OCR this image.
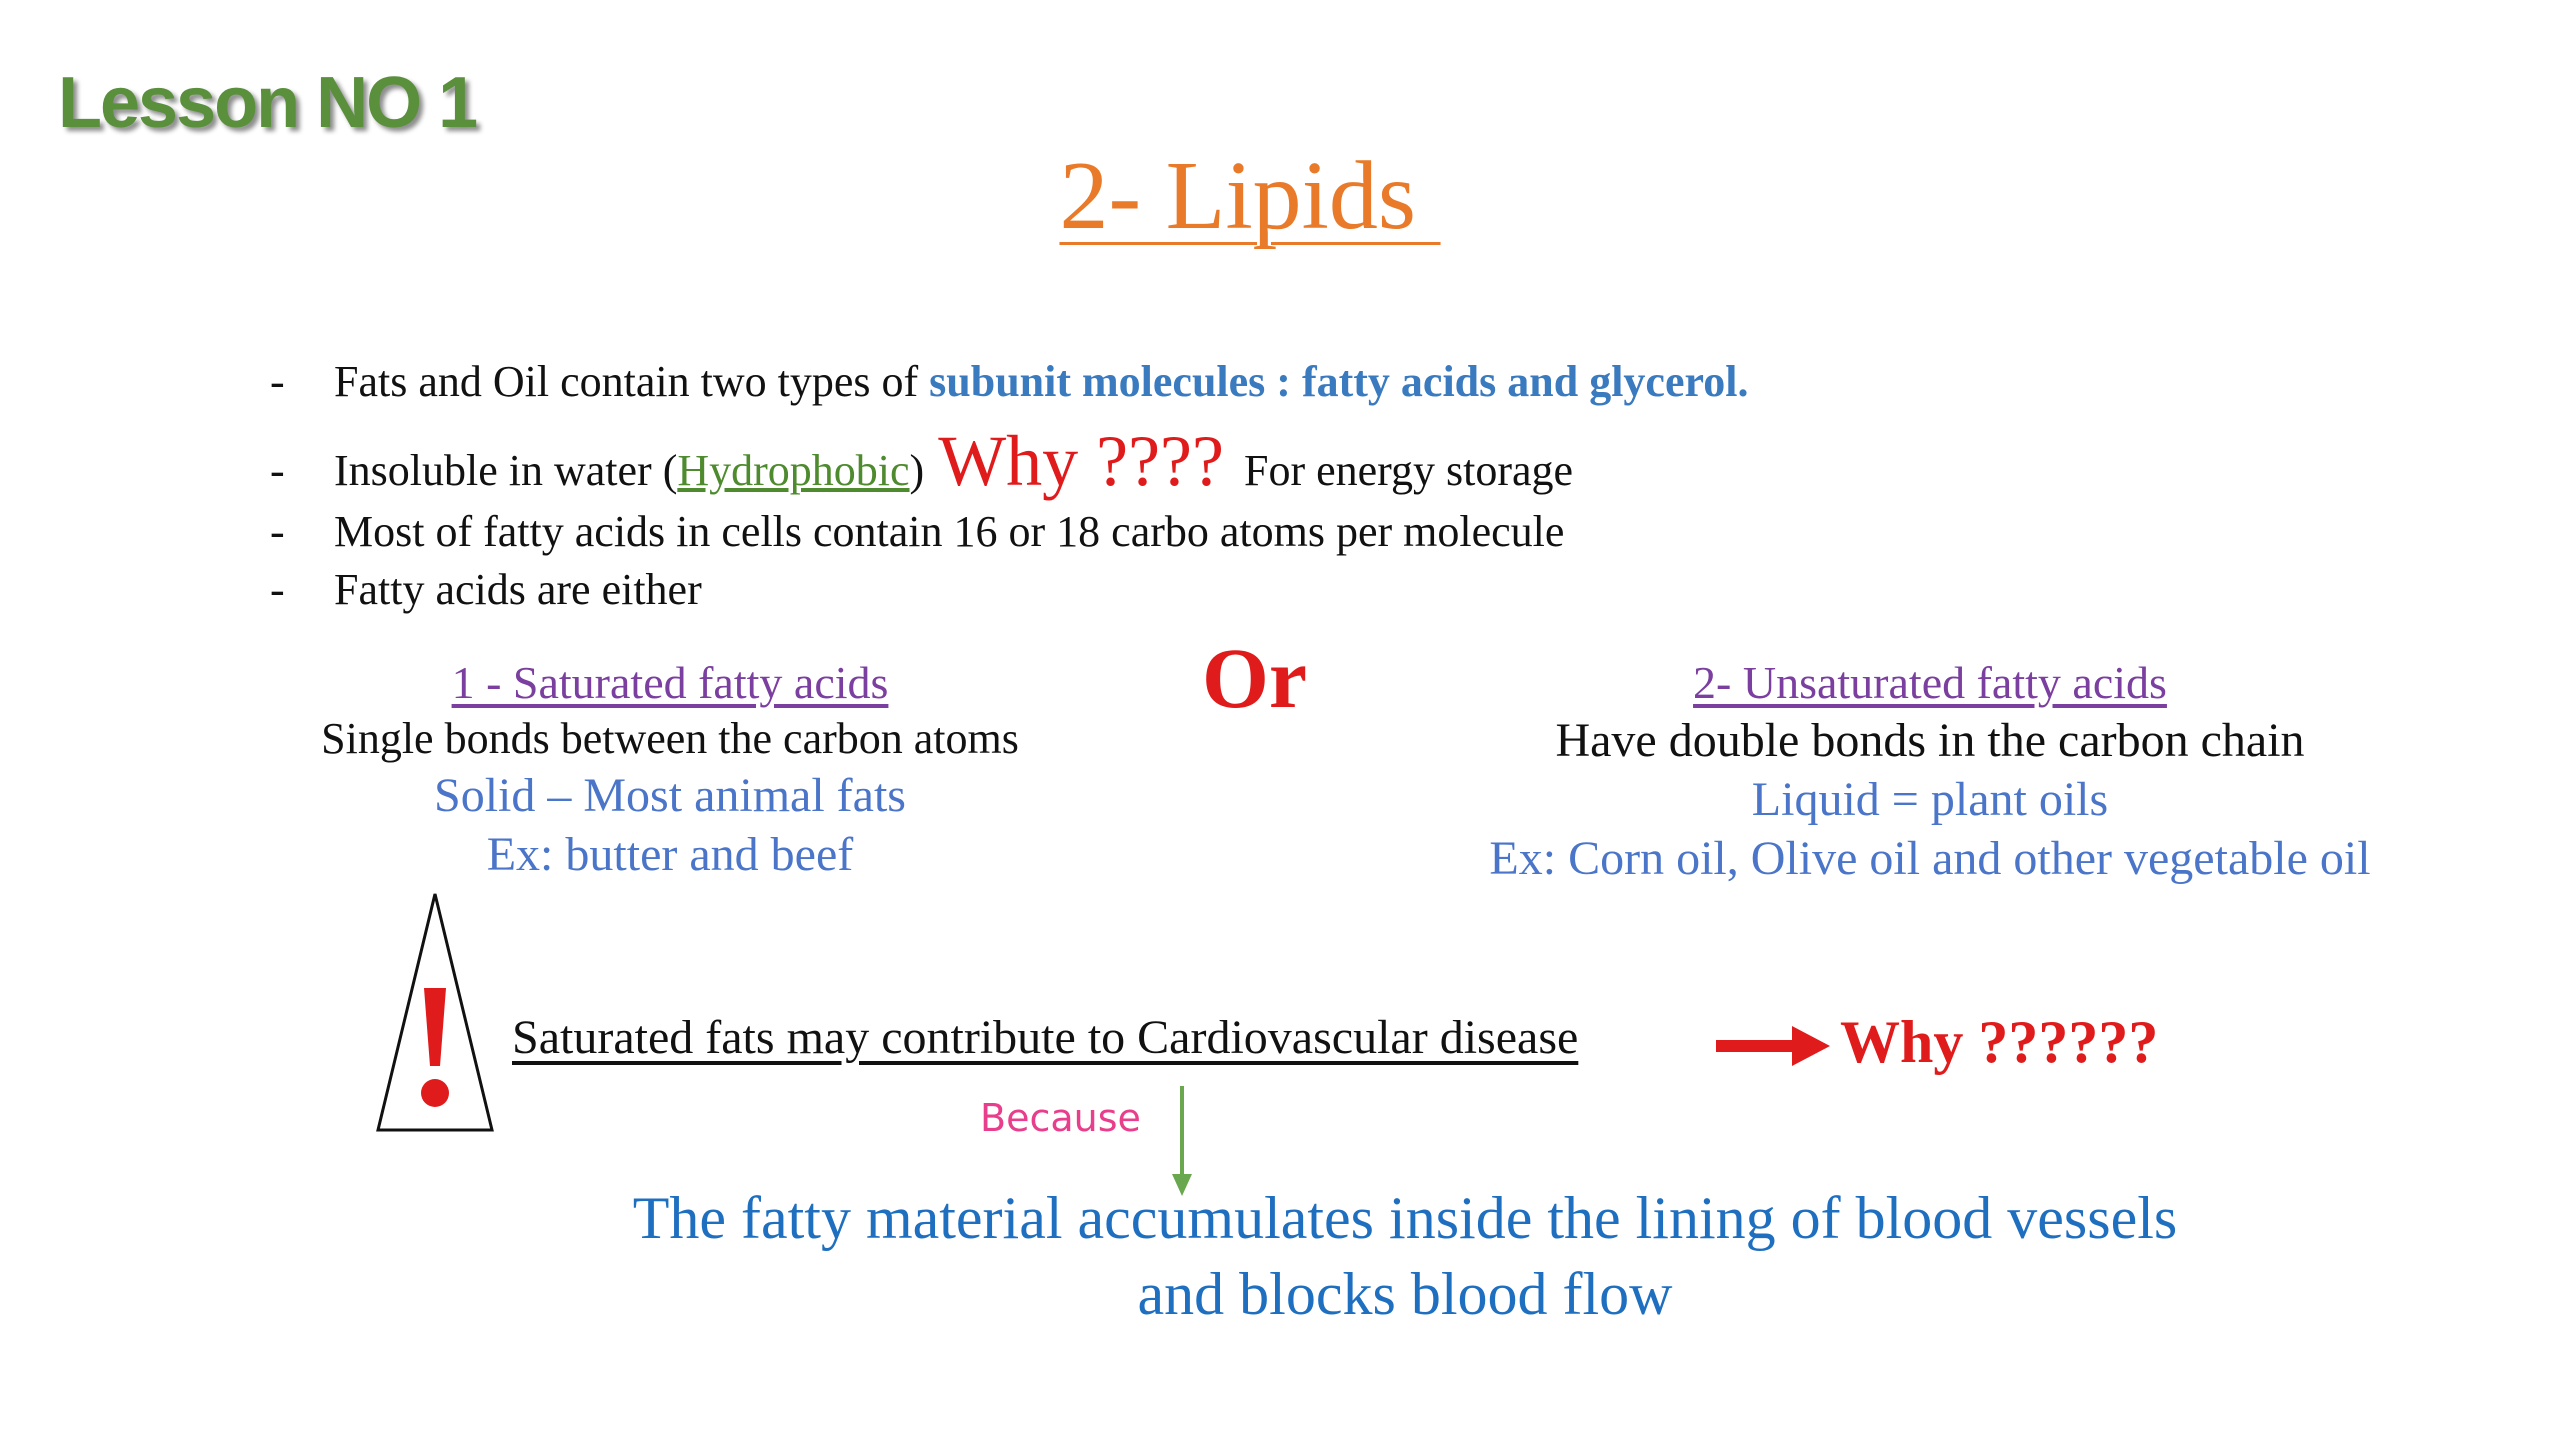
Lesson NO 1
2- Lipids
-	Fats and Oil contain two types of subunit molecules : fatty acids and glycerol.
-	Insoluble in water ( Hydrophobic ) Why ???? For energy storage
-	Most of fatty acids in cells contain 16 or 18 carbo atoms per molecule
-	Fatty acids are either
1 - Saturated fatty acids
Single bonds between the carbon atoms
Solid – Most animal fats
Ex: butter and beef
Or	2- Unsaturated fatty acids
Have double bonds in the carbon chain
Liquid = plant oils
Ex: Corn oil, Olive oil and other vegetable oil
Saturated fats may contribute to Cardiovascular disease	Why ??????
Because
The fatty material accumulates inside the lining of blood vessels
and blocks blood flow
